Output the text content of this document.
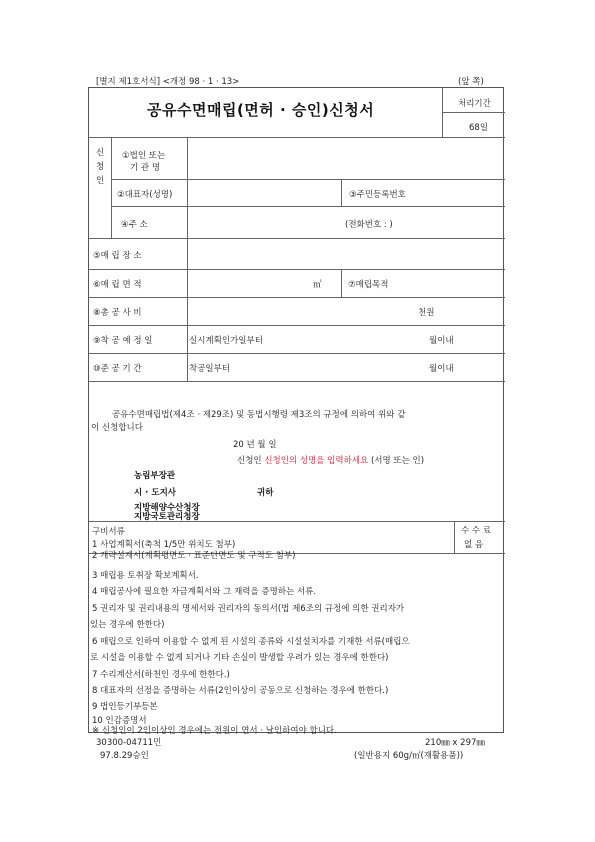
[별지 제1호서식] <개정 98 · 1 · 13>	(앞 쪽)
공유수면매립(면허 · 승인)신청서	처리기간
68일
신
청
인
①법인 또는
기 관 명
②대표자(성명)	③주민등록번호
④주 소	(전화번호 : )
⑤매 립 장 소
⑥매 립 면 적	㎡	⑦매립목적
⑧총 공 사 비	천원
⑨착 공 예 정 일	실시계획인가일부터	월이내
⑩준 공 기 간	착공일부터	월이내
공유수면매립법(제4조 · 제29조) 및 동법시행령 제3조의 규정에 의하여 위와 같
이 신청합니다
20 년 월 일
신청인 신청인의 성명을 입력하세요 (서명 또는 인)
농림부장관
시 · 도지사	귀하
지방해양수산청장
지방국토관리청장
구비서류	수 수 료
없 음
1 사업계획서(축척 1/5만 위치도 첨부)
2 개략설계서(계획평면도 · 표준단면도 및 구적도 첨부)
3 매립용 토취장 확보계획서.
4 매립공사에 필요한 자금계획서와 그 재력을 증명하는 서류.
5 권리자 및 권리내용의 명세서와 권리자의 동의서(법 제6조의 규정에 의한 권리자가
있는 경우에 한한다)
6 매립으로 인하여 이용할 수 없게 된 시설의 종류와 시설설치자를 기재한 서류(매립으
로 시설을 이용할 수 없게 되거나 기타 손실이 발생할 우려가 있는 경우에 한한다)
7 수리계산서(하천인 경우에 한한다.)
8 대표자의 선정을 증명하는 서류(2인이상이 공동으로 신청하는 경우에 한한다.)
9 법인등기부등본
10 인감증명서
※ 신청인이 2인이상인 경우에는 전원이 연서 · 날인하여야 합니다.
30300-04711민
97.8.29승인
210㎜ x 297㎜
(일반용지 60g/㎡(재활용품))
